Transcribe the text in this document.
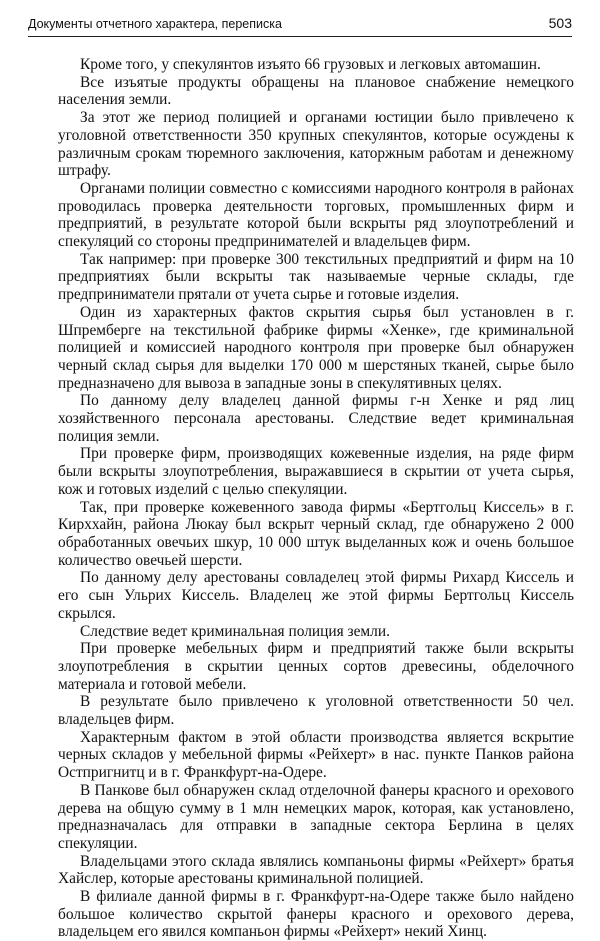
Документы отчетного характера, переписка	503

Кроме того, у спекулянтов изъято 66 грузовых и легковых автомашин.

Все изъятые продукты обращены на плановое снабжение немецкого населения земли.

За этот же период полицией и органами юстиции было привлечено к уголовной ответственности 350 крупных спекулянтов, которые осуждены к различным срокам тюремного заключения, каторжным работам и денежному штрафу.

Органами полиции совместно с комиссиями народного контроля в районах проводилась проверка деятельности торговых, промышленных фирм и предприятий, в результате которой были вскрыты ряд злоупотреблений и спекуляций со стороны предпринимателей и владельцев фирм.

Так например: при проверке 300 текстильных предприятий и фирм на 10 предприятиях были вскрыты так называемые черные склады, где предприниматели прятали от учета сырье и готовые изделия.

Один из характерных фактов скрытия сырья был установлен в г. Шпремберге на текстильной фабрике фирмы «Хенке», где криминальной полицией и комиссией народного контроля при проверке был обнаружен черный склад сырья для выделки 170 000 м шерстяных тканей, сырье было предназначено для вывоза в западные зоны в спекулятивных целях.

По данному делу владелец данной фирмы г-н Хенке и ряд лиц хозяйственного персонала арестованы. Следствие ведет криминальная полиция земли.

При проверке фирм, производящих кожевенные изделия, на ряде фирм были вскрыты злоупотребления, выражавшиеся в скрытии от учета сырья, кож и готовых изделий с целью спекуляции.

Так, при проверке кожевенного завода фирмы «Бертгольц Киссель» в г. Кирххайн, района Люкау был вскрыт черный склад, где обнаружено 2 000 обработанных овечьих шкур, 10 000 штук выделанных кож и очень большое количество овечьей шерсти.

По данному делу арестованы совладелец этой фирмы Рихард Киссель и его сын Ульрих Киссель. Владелец же этой фирмы Бертгольц Киссель скрылся.

Следствие ведет криминальная полиция земли.

При проверке мебельных фирм и предприятий также были вскрыты злоупотребления в скрытии ценных сортов древесины, обделочного материала и готовой мебели.

В результате было привлечено к уголовной ответственности 50 чел. владельцев фирм.

Характерным фактом в этой области производства является вскрытие черных складов у мебельной фирмы «Рейхерт» в нас. пункте Панков района Остпригнитц и в г. Франкфурт-на-Одере.

В Панкове был обнаружен склад отделочной фанеры красного и орехового дерева на общую сумму в 1 млн немецких марок, которая, как установлено, предназначалась для отправки в западные сектора Берлина в целях спекуляции.

Владельцами этого склада являлись компаньоны фирмы «Рейхерт» братья Хайслер, которые арестованы криминальной полицией.

В филиале данной фирмы в г. Франкфурт-на-Одере также было найдено большое количество скрытой фанеры красного и орехового дерева, владельцем его явился компаньон фирмы «Рейхерт» некий Хинц.
